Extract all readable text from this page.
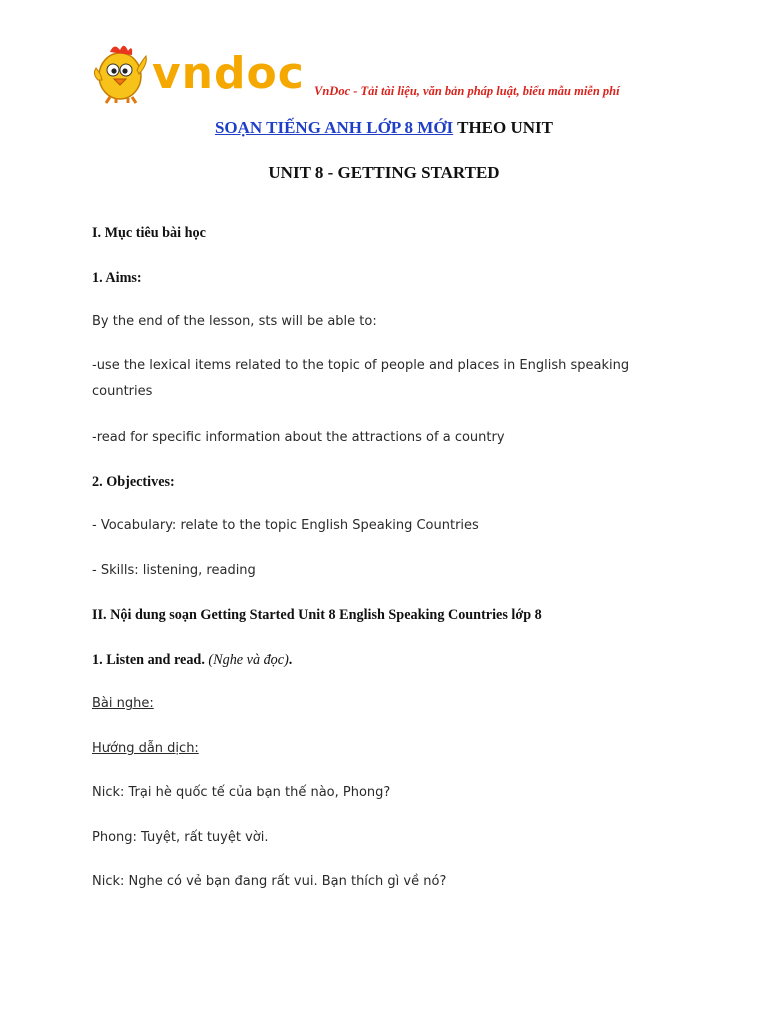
vndoc VnDoc - Tải tài liệu, văn bản pháp luật, biểu mẫu miễn phí
SOẠN TIẾNG ANH LỚP 8 MỚI THEO UNIT
UNIT 8 - GETTING STARTED
I. Mục tiêu bài học
1. Aims:
By the end of the lesson, sts will be able to:
-use the lexical items related to the topic of people and places in English speaking countries
-read for specific information about the attractions of a country
2. Objectives:
- Vocabulary: relate to the topic English Speaking Countries
- Skills: listening, reading
II. Nội dung soạn Getting Started Unit 8 English Speaking Countries lớp 8
1. Listen and read. (Nghe và đọc).
Bài nghe:
Hướng dẫn dịch:
Nick: Trại hè quốc tế của bạn thế nào, Phong?
Phong: Tuyệt, rất tuyệt vời.
Nick: Nghe có vẻ bạn đang rất vui. Bạn thích gì về nó?
